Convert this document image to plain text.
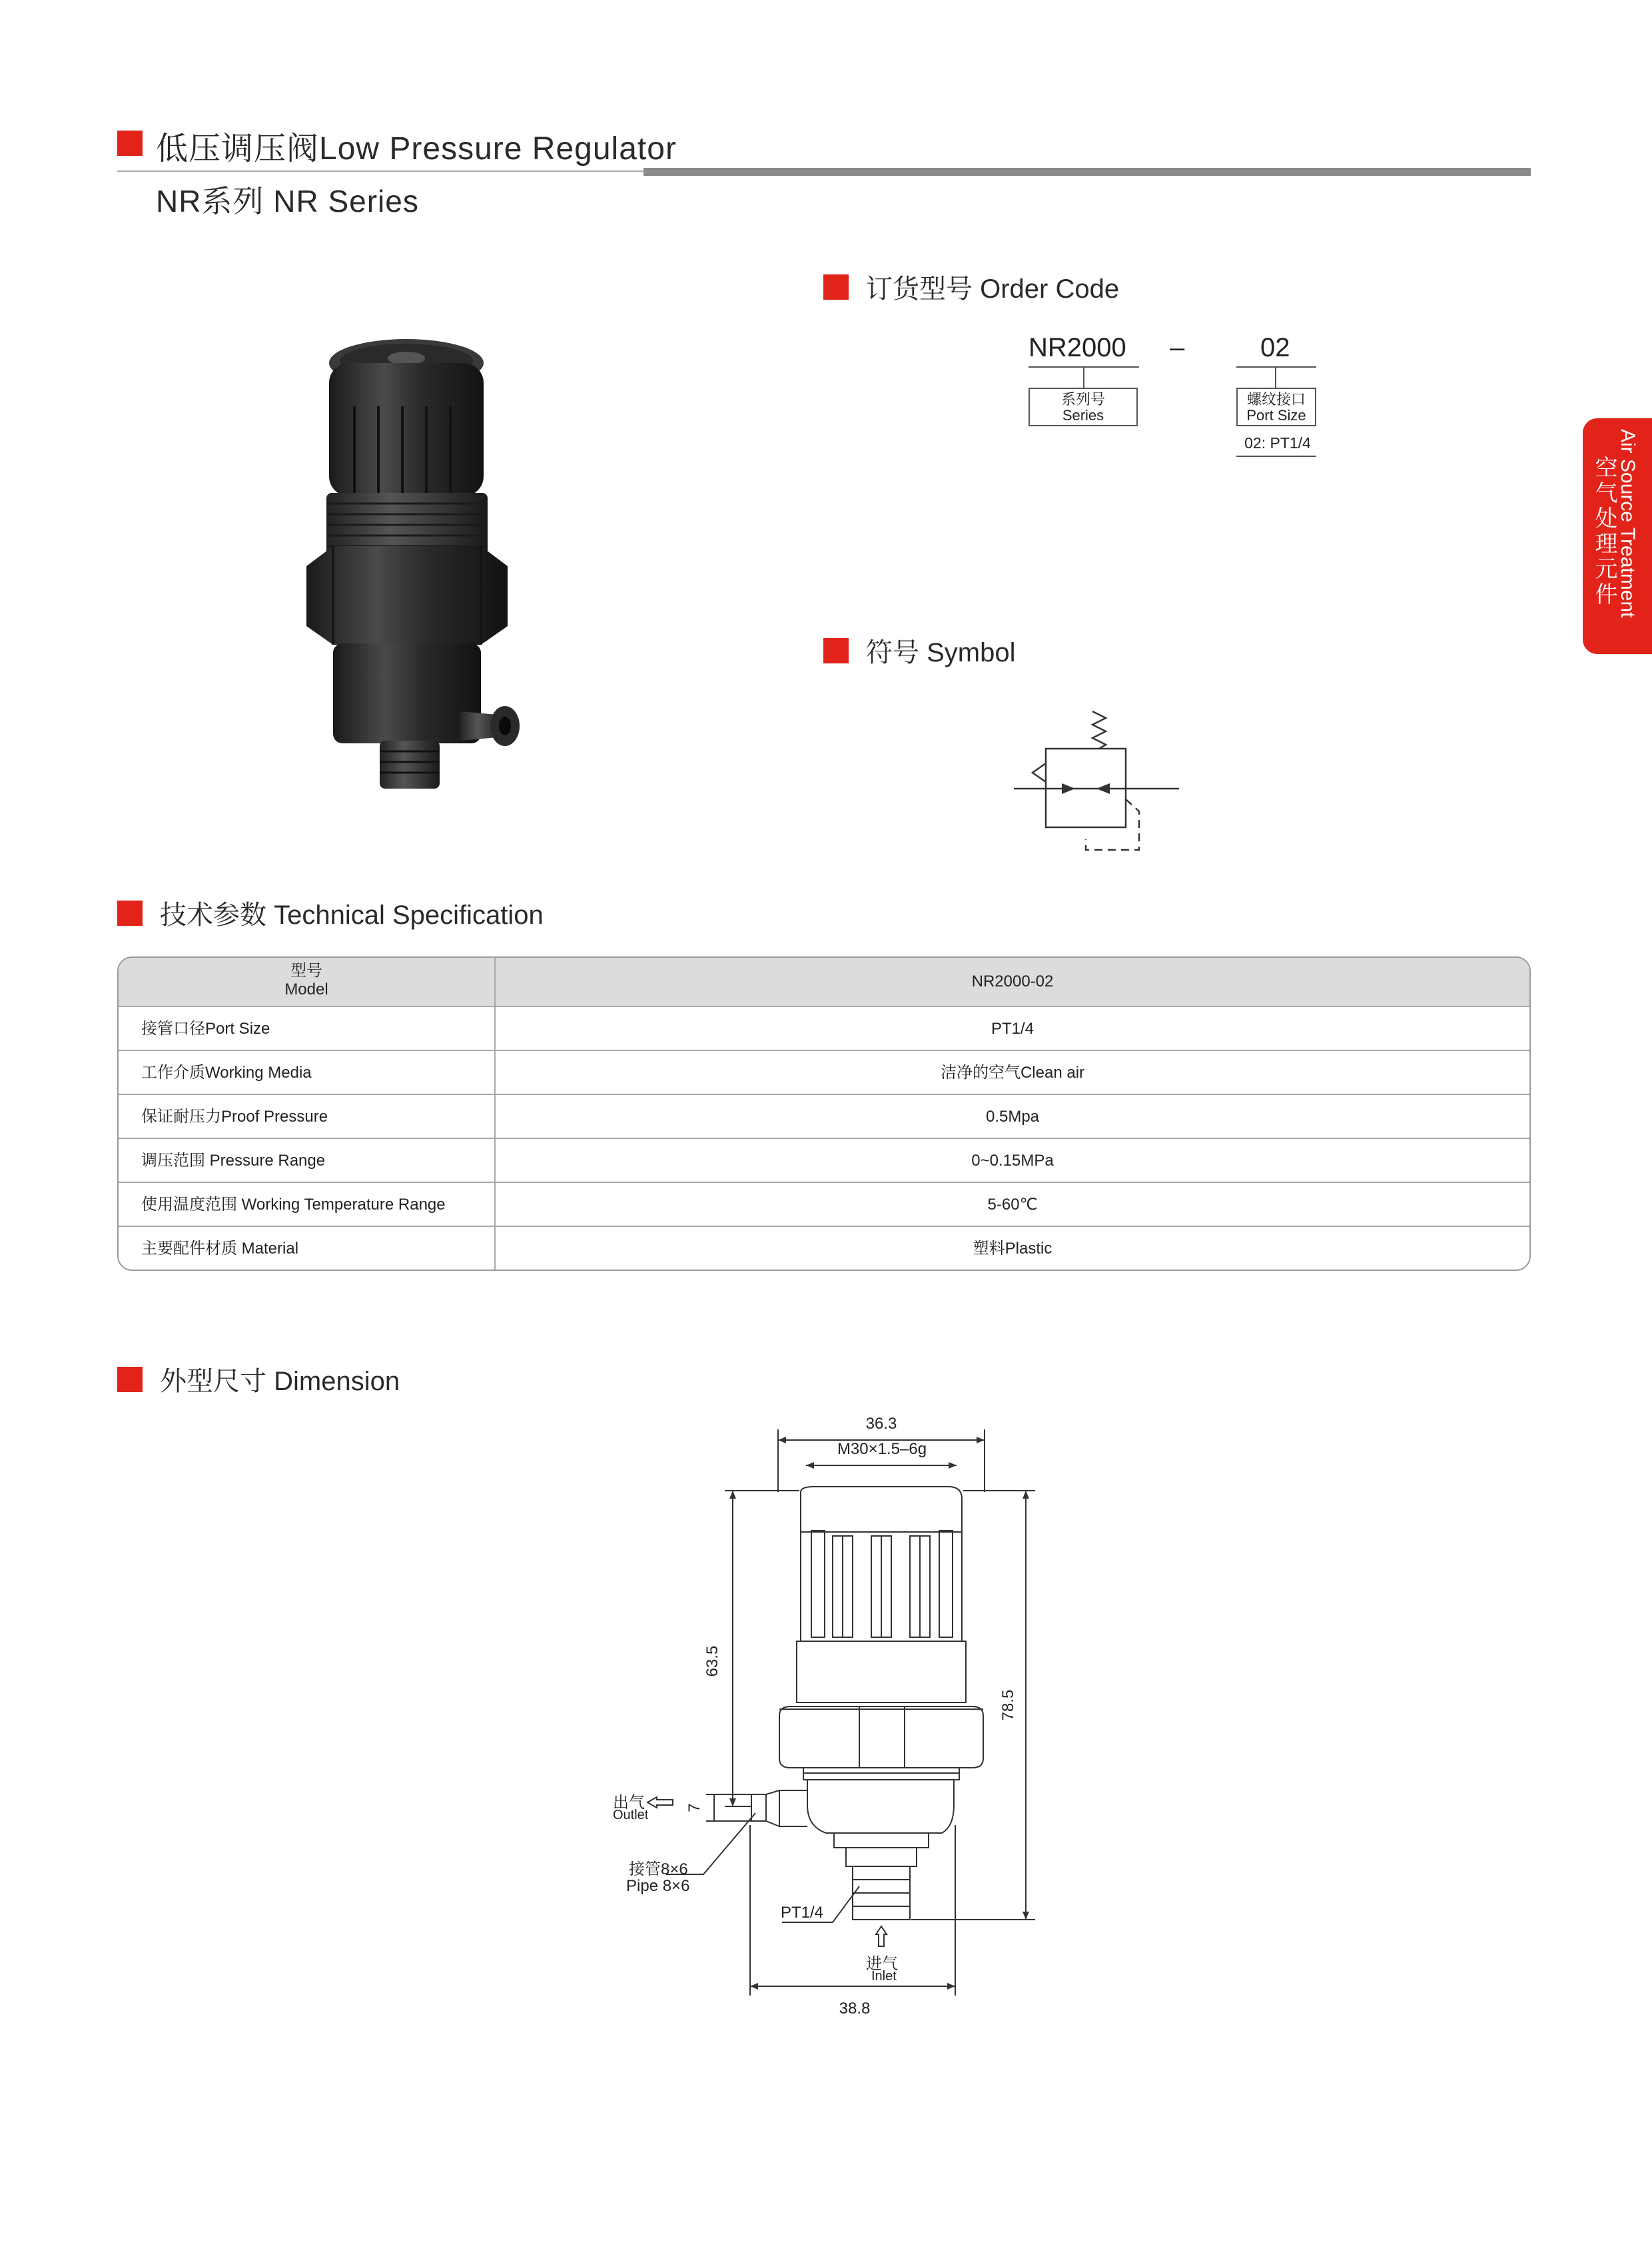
低压调压阀Low Pressure Regulator
NR系列 NR Series
Air Source Treatment
空气处理元件
订货型号 Order Code
NR2000 –	02
系列号
Series
螺纹接口
Port Size
02: PT1/4
符号 Symbol
技术参数 Technical Specification
型号
Model	NR2000-02
接管口径Port Size	PT1/4
工作介质Working Media	洁净的空气Clean air
保证耐压力Proof Pressure	0.5Mpa
调压范围 Pressure Range	0~0.15MPa
使用温度范围 Working Temperature Range	5-60℃
主要配件材质 Material	塑料Plastic
外型尺寸 Dimension
36.3
M30×1.5–6g
63.5
78.5
7
出气
Outlet
接管8×6
Pipe 8×6
PT1/4
进气
Inlet
38.8
